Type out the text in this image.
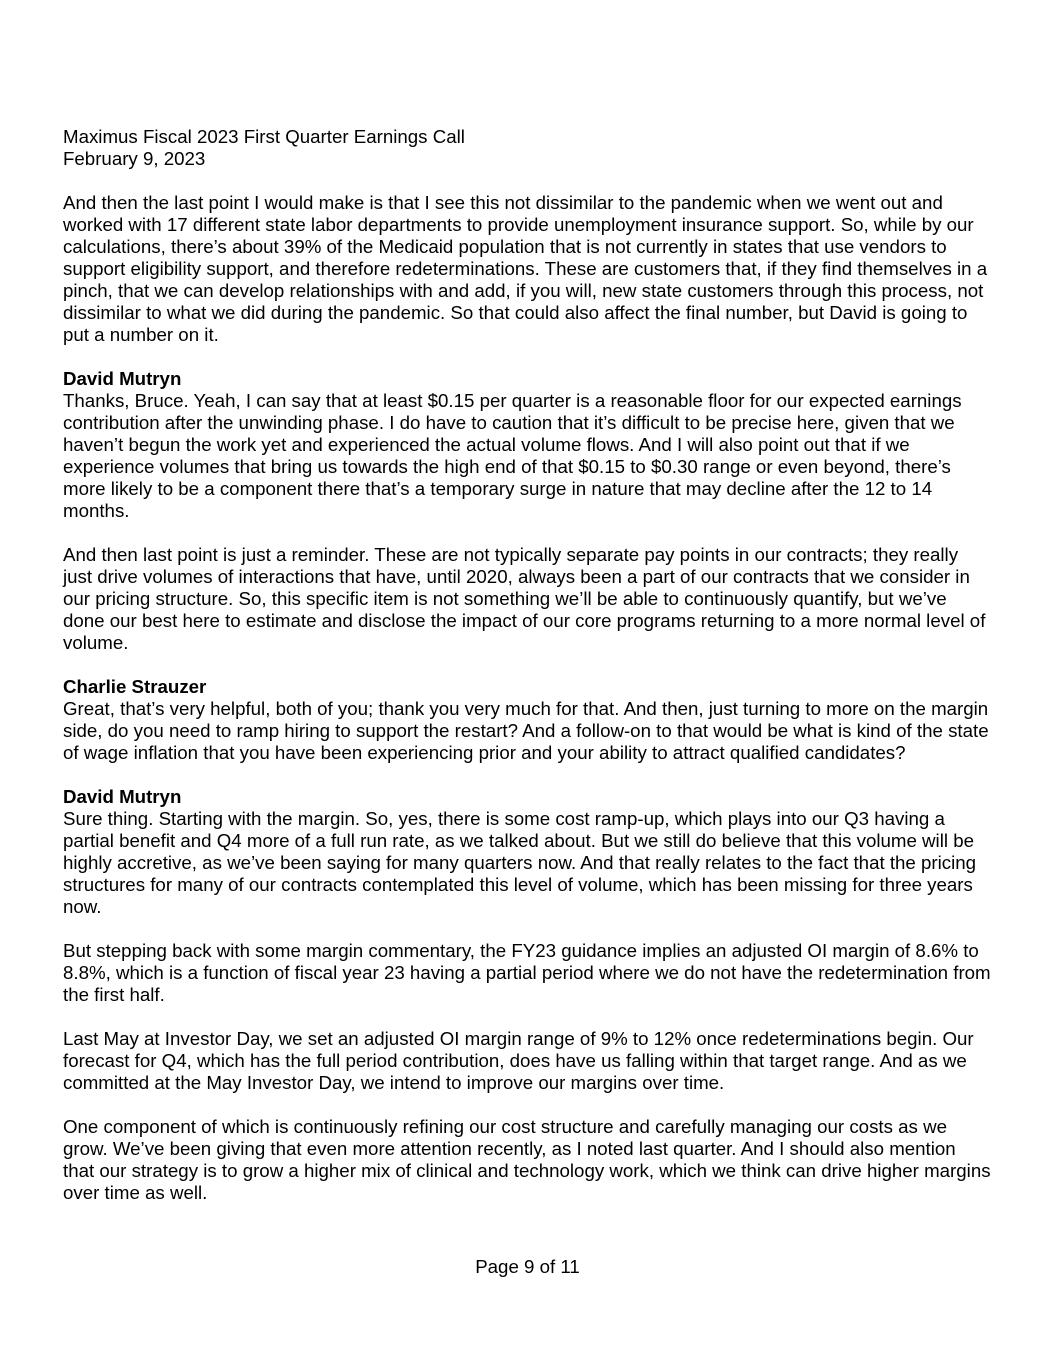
Maximus Fiscal 2023 First Quarter Earnings Call
February 9, 2023
And then the last point I would make is that I see this not dissimilar to the pandemic when we went out and worked with 17 different state labor departments to provide unemployment insurance support. So, while by our calculations, there’s about 39% of the Medicaid population that is not currently in states that use vendors to support eligibility support, and therefore redeterminations. These are customers that, if they find themselves in a pinch, that we can develop relationships with and add, if you will, new state customers through this process, not dissimilar to what we did during the pandemic. So that could also affect the final number, but David is going to put a number on it.
David Mutryn
Thanks, Bruce. Yeah, I can say that at least $0.15 per quarter is a reasonable floor for our expected earnings contribution after the unwinding phase. I do have to caution that it’s difficult to be precise here, given that we haven’t begun the work yet and experienced the actual volume flows. And I will also point out that if we experience volumes that bring us towards the high end of that $0.15 to $0.30 range or even beyond, there’s more likely to be a component there that’s a temporary surge in nature that may decline after the 12 to 14 months.
And then last point is just a reminder. These are not typically separate pay points in our contracts; they really just drive volumes of interactions that have, until 2020, always been a part of our contracts that we consider in our pricing structure. So, this specific item is not something we’ll be able to continuously quantify, but we’ve done our best here to estimate and disclose the impact of our core programs returning to a more normal level of volume.
Charlie Strauzer
Great, that’s very helpful, both of you; thank you very much for that. And then, just turning to more on the margin side, do you need to ramp hiring to support the restart? And a follow-on to that would be what is kind of the state of wage inflation that you have been experiencing prior and your ability to attract qualified candidates?
David Mutryn
Sure thing. Starting with the margin. So, yes, there is some cost ramp-up, which plays into our Q3 having a partial benefit and Q4 more of a full run rate, as we talked about. But we still do believe that this volume will be highly accretive, as we’ve been saying for many quarters now. And that really relates to the fact that the pricing structures for many of our contracts contemplated this level of volume, which has been missing for three years now.
But stepping back with some margin commentary, the FY23 guidance implies an adjusted OI margin of 8.6% to 8.8%, which is a function of fiscal year 23 having a partial period where we do not have the redetermination from the first half.
Last May at Investor Day, we set an adjusted OI margin range of 9% to 12% once redeterminations begin. Our forecast for Q4, which has the full period contribution, does have us falling within that target range. And as we committed at the May Investor Day, we intend to improve our margins over time.
One component of which is continuously refining our cost structure and carefully managing our costs as we grow. We’ve been giving that even more attention recently, as I noted last quarter. And I should also mention that our strategy is to grow a higher mix of clinical and technology work, which we think can drive higher margins over time as well.
Page 9 of 11
